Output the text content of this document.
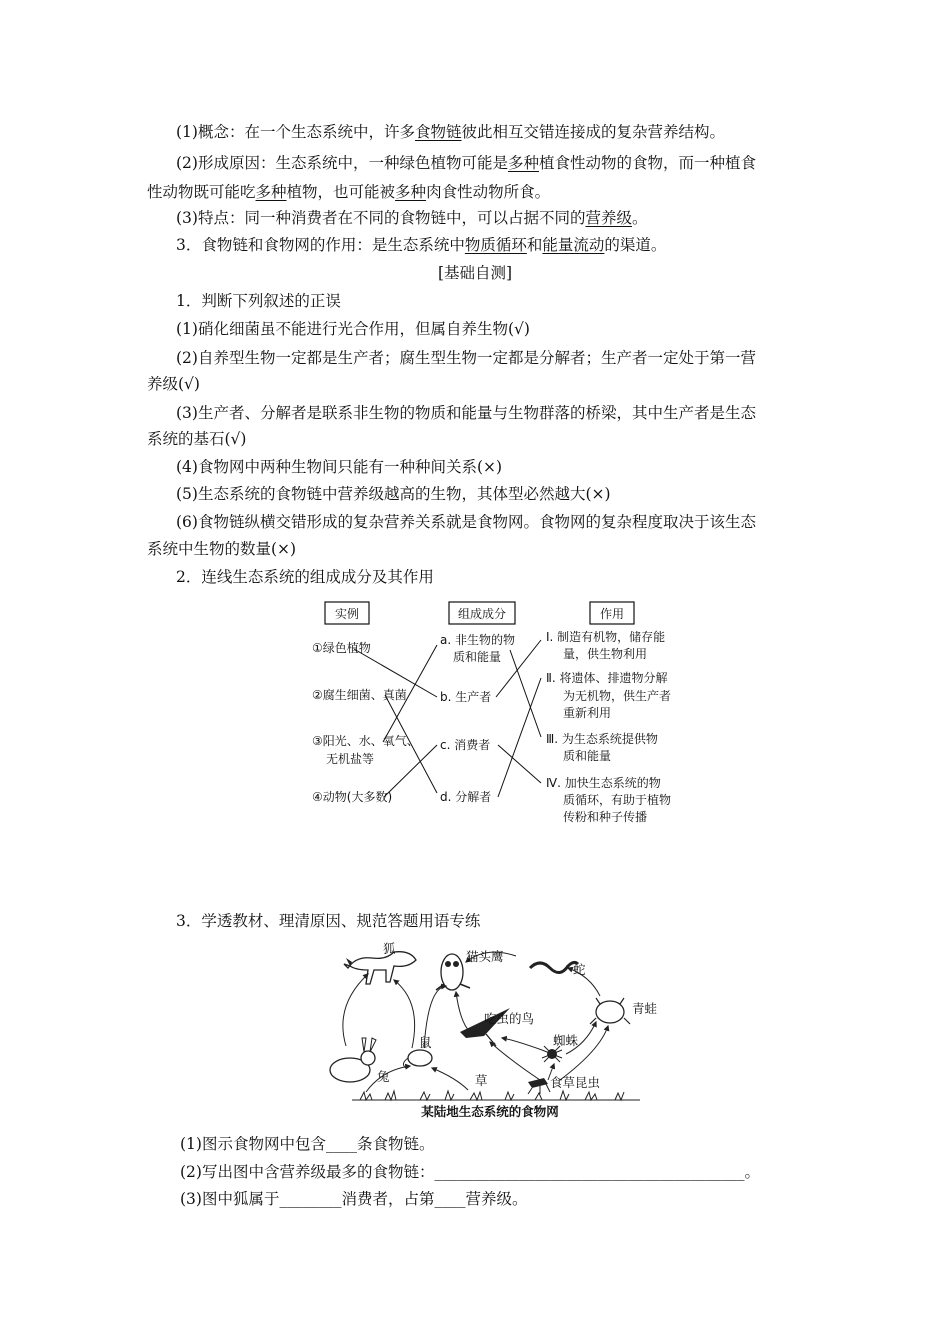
(1)概念：在一个生态系统中，许多食物链彼此相互交错连接成的复杂营养结构。
(2)形成原因：生态系统中，一种绿色植物可能是多种植食性动物的食物，而一种植食
性动物既可能吃多种植物，也可能被多种肉食性动物所食。
(3)特点：同一种消费者在不同的食物链中，可以占据不同的营养级。
3．食物链和食物网的作用：是生态系统中物质循环和能量流动的渠道。
[基础自测]
1．判断下列叙述的正误
(1)硝化细菌虽不能进行光合作用，但属自养生物(√)
(2)自养型生物一定都是生产者；腐生型生物一定都是分解者；生产者一定处于第一营
养级(√)
(3)生产者、分解者是联系非生物的物质和能量与生物群落的桥梁，其中生产者是生态
系统的基石(√)
(4)食物网中两种生物间只能有一种种间关系(×)
(5)生态系统的食物链中营养级越高的生物，其体型必然越大(×)
(6)食物链纵横交错形成的复杂营养关系就是食物网。食物网的复杂程度取决于该生态
系统中生物的数量(×)
2．连线生态系统的组成成分及其作用
实例	组成成分	作用
①绿色植物
②腐生细菌、真菌
③阳光、水、氧气、
无机盐等
④动物(大多数)
a. 非生物的物
质和能量
b. 生产者
c. 消费者
d. 分解者
Ⅰ. 制造有机物，储存能
量，供生物利用
Ⅱ. 将遗体、排遗物分解
为无机物，供生产者
重新利用
Ⅲ. 为生态系统提供物
质和能量
Ⅳ. 加快生态系统的物
质循环，有助于植物
传粉和种子传播
3．学透教材、理清原因、规范答题用语专练
狐
猫头鹰
蛇
青蛙
吃虫的鸟
蜘蛛
鼠
兔	草	食草昆虫
某陆地生态系统的食物网
(1)图示食物网中包含____条食物链。
(2)写出图中含营养级最多的食物链：________________________________________。
(3)图中狐属于________消费者，占第____营养级。
